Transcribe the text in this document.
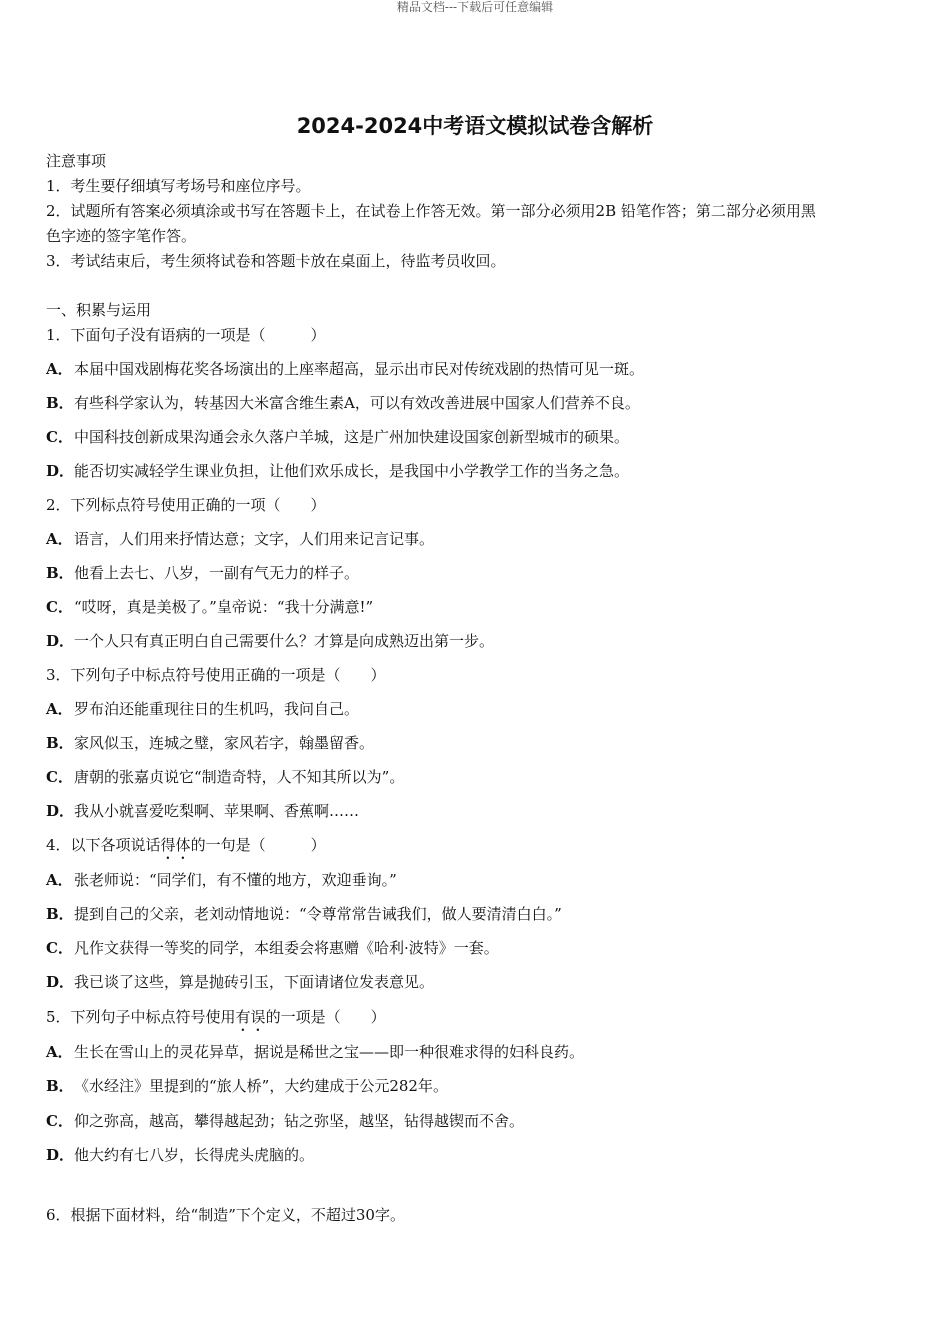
精品文档---下载后可任意编辑
2024-2024中考语文模拟试卷含解析
注意事项
1．考生要仔细填写考场号和座位序号。
2．试题所有答案必须填涂或书写在答题卡上，在试卷上作答无效。第一部分必须用2B 铅笔作答；第二部分必须用黑
色字迹的签字笔作答。
3．考试结束后，考生须将试卷和答题卡放在桌面上，待监考员收回。
一、积累与运用
1．下面句子没有语病的一项是（　　　）
A．本届中国戏剧梅花奖各场演出的上座率超高，显示出市民对传统戏剧的热情可见一斑。
B．有些科学家认为，转基因大米富含维生素A，可以有效改善进展中国家人们营养不良。
C．中国科技创新成果沟通会永久落户羊城，这是广州加快建设国家创新型城市的硕果。
D．能否切实减轻学生课业负担，让他们欢乐成长，是我国中小学教学工作的当务之急。
2．下列标点符号使用正确的一项（　　）
A．语言，人们用来抒情达意；文字，人们用来记言记事。
B．他看上去七、八岁，一副有气无力的样子。
C．“哎呀，真是美极了。”皇帝说：“我十分满意!”
D．一个人只有真正明白自己需要什么？才算是向成熟迈出第一步。
3．下列句子中标点符号使用正确的一项是（　　）
A．罗布泊还能重现往日的生机吗，我问自己。
B．家风似玉，连城之璧，家风若字，翰墨留香。
C．唐朝的张嘉贞说它“制造奇特，人不知其所以为”。
D．我从小就喜爱吃梨啊、苹果啊、香蕉啊……
4．以下各项说话得体的一句是（　　　）
A．张老师说：“同学们，有不懂的地方，欢迎垂询。”
B．提到自己的父亲，老刘动情地说：“令尊常常告诫我们，做人要清清白白。”
C．凡作文获得一等奖的同学，本组委会将惠赠《哈利·波特》一套。
D．我已谈了这些，算是抛砖引玉，下面请诸位发表意见。
5．下列句子中标点符号使用有误的一项是（　　）
A．生长在雪山上的灵花异草，据说是稀世之宝——即一种很难求得的妇科良药。
B．《水经注》里提到的“旅人桥”，大约建成于公元282年。
C．仰之弥高，越高，攀得越起劲；钻之弥坚，越坚，钻得越锲而不舍。
D．他大约有七八岁，长得虎头虎脑的。
6．根据下面材料，给“制造”下个定义，不超过30字。
